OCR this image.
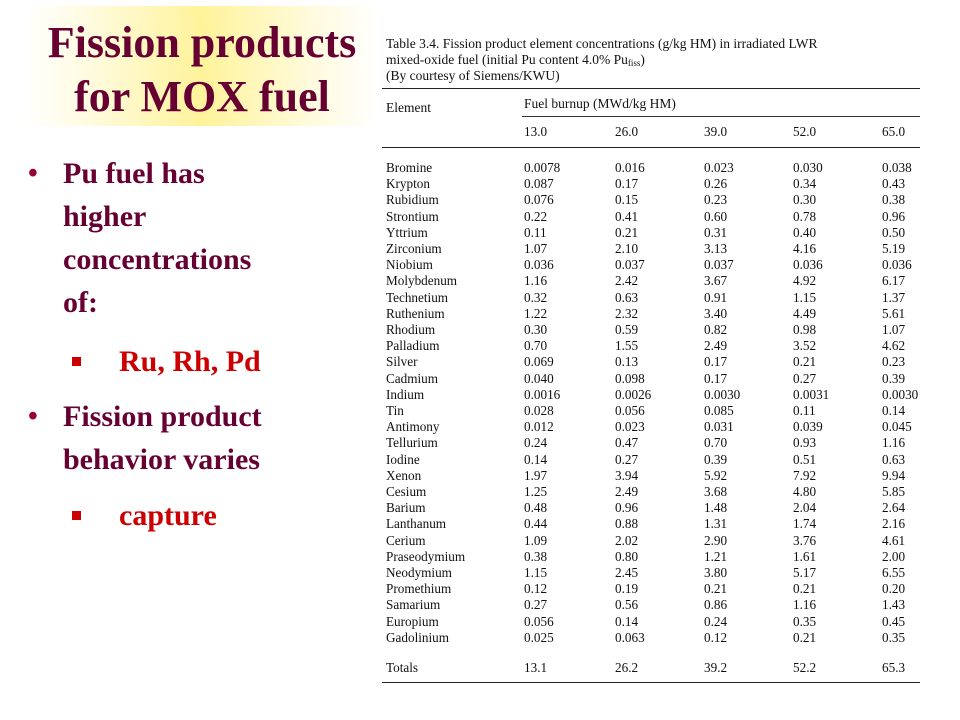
Fission products
for MOX fuel
• Pu fuel has
higher
concentrations
of:
Ru, Rh, Pd
• Fission product
behavior varies
capture
Table 3.4. Fission product element concentrations (g/kg HM) in irradiated LWR
mixed-oxide fuel (initial Pu content 4.0% Pufiss)
(By courtesy of Siemens/KWU)
Element	Fuel burnup (MWd/kg HM)
13.0	26.0	39.0	52.0	65.0
Bromine	0.0078	0.016	0.023	0.030	0.038
Krypton	0.087	0.17	0.26	0.34	0.43
Rubidium	0.076	0.15	0.23	0.30	0.38
Strontium	0.22	0.41	0.60	0.78	0.96
Yttrium	0.11	0.21	0.31	0.40	0.50
Zirconium	1.07	2.10	3.13	4.16	5.19
Niobium	0.036	0.037	0.037	0.036	0.036
Molybdenum	1.16	2.42	3.67	4.92	6.17
Technetium	0.32	0.63	0.91	1.15	1.37
Ruthenium	1.22	2.32	3.40	4.49	5.61
Rhodium	0.30	0.59	0.82	0.98	1.07
Palladium	0.70	1.55	2.49	3.52	4.62
Silver	0.069	0.13	0.17	0.21	0.23
Cadmium	0.040	0.098	0.17	0.27	0.39
Indium	0.0016	0.0026	0.0030	0.0031	0.0030
Tin	0.028	0.056	0.085	0.11	0.14
Antimony	0.012	0.023	0.031	0.039	0.045
Tellurium	0.24	0.47	0.70	0.93	1.16
Iodine	0.14	0.27	0.39	0.51	0.63
Xenon	1.97	3.94	5.92	7.92	9.94
Cesium	1.25	2.49	3.68	4.80	5.85
Barium	0.48	0.96	1.48	2.04	2.64
Lanthanum	0.44	0.88	1.31	1.74	2.16
Cerium	1.09	2.02	2.90	3.76	4.61
Praseodymium	0.38	0.80	1.21	1.61	2.00
Neodymium	1.15	2.45	3.80	5.17	6.55
Promethium	0.12	0.19	0.21	0.21	0.20
Samarium	0.27	0.56	0.86	1.16	1.43
Europium	0.056	0.14	0.24	0.35	0.45
Gadolinium	0.025	0.063	0.12	0.21	0.35
Totals	13.1	26.2	39.2	52.2	65.3
